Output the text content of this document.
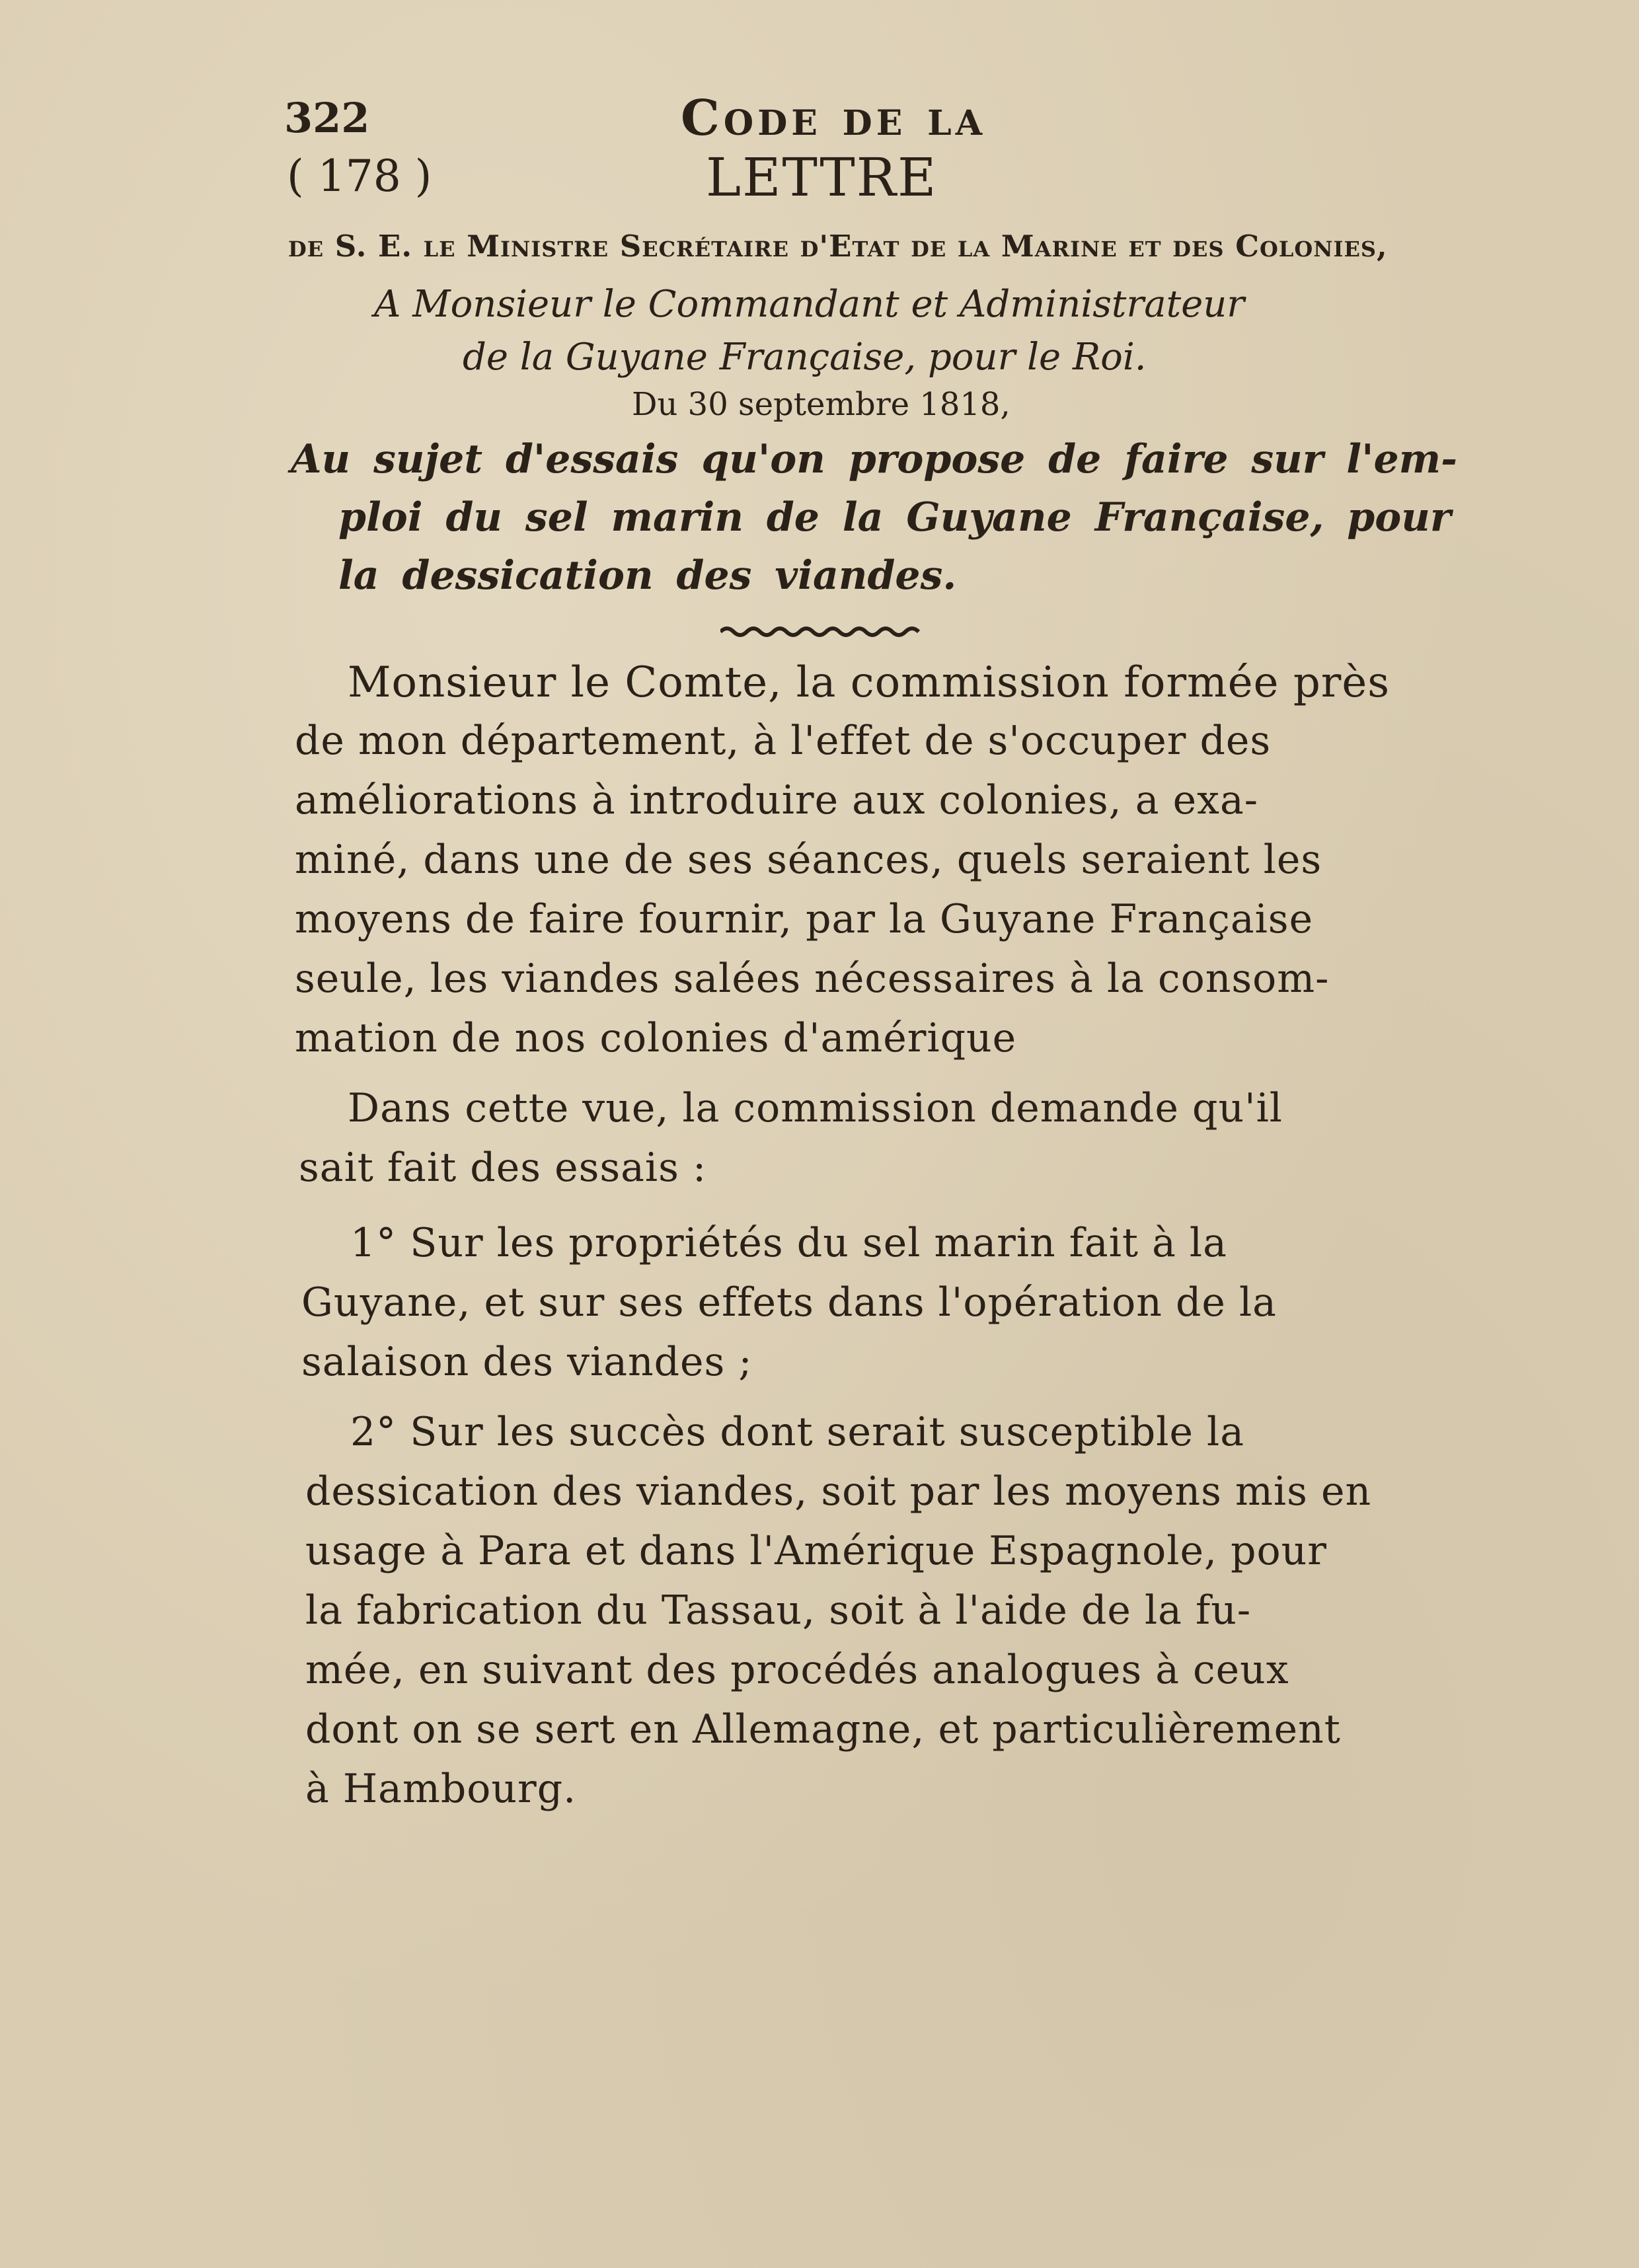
322	Code de la
( 178 )	LETTRE
de S. E. le Ministre Secrétaire d'Etat de la Marine et des Colonies,
A Monsieur le Commandant et Administrateur
de la Guyane Française, pour le Roi.
Du 30 septembre 1818,
Au sujet d'essais qu'on propose de faire sur l'em-
ploi du sel marin de la Guyane Française, pour
la dessication des viandes.
Monsieur le Comte, la commission formée près
de mon département, à l'effet de s'occuper des
améliorations à introduire aux colonies, a exa-
miné, dans une de ses séances, quels seraient les
moyens de faire fournir, par la Guyane Française
seule, les viandes salées nécessaires à la consom-
mation de nos colonies d'amérique
Dans cette vue, la commission demande qu'il
sait fait des essais :
1° Sur les propriétés du sel marin fait à la
Guyane, et sur ses effets dans l'opération de la
salaison des viandes ;
2° Sur les succès dont serait susceptible la
dessication des viandes, soit par les moyens mis en
usage à Para et dans l'Amérique Espagnole, pour
la fabrication du Tassau, soit à l'aide de la fu-
mée, en suivant des procédés analogues à ceux
dont on se sert en Allemagne, et particulièrement
à Hambourg.
